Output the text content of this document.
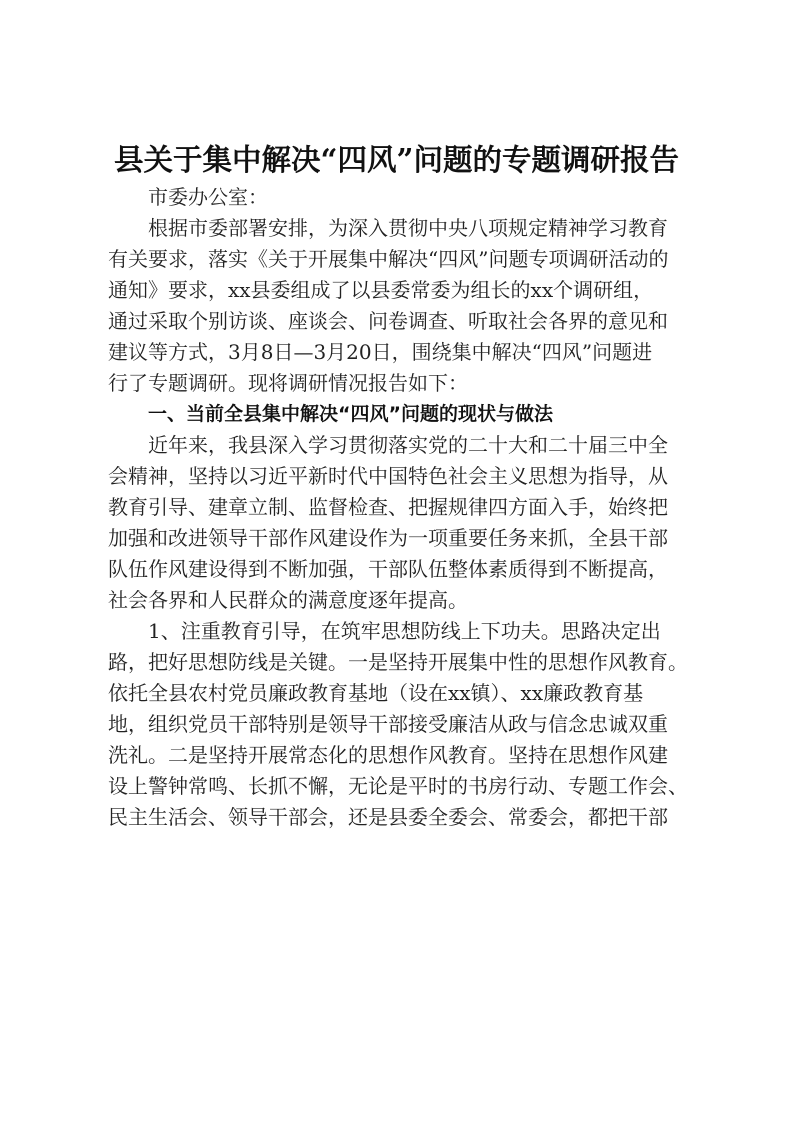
县关于集中解决“四风”问题的专题调研报告

市委办公室：

根据市委部署安排，为深入贯彻中央八项规定精神学习教育
有关要求，落实《关于开展集中解决“四风”问题专项调研活动的
通知》要求，xx县委组成了以县委常委为组长的xx个调研组，
通过采取个别访谈、座谈会、问卷调查、听取社会各界的意见和
建议等方式，3月8日—3月20日，围绕集中解决“四风”问题进
行了专题调研。现将调研情况报告如下：

一、当前全县集中解决“四风”问题的现状与做法

近年来，我县深入学习贯彻落实党的二十大和二十届三中全
会精神，坚持以习近平新时代中国特色社会主义思想为指导，从
教育引导、建章立制、监督检查、把握规律四方面入手，始终把
加强和改进领导干部作风建设作为一项重要任务来抓，全县干部
队伍作风建设得到不断加强，干部队伍整体素质得到不断提高，
社会各界和人民群众的满意度逐年提高。

1、注重教育引导，在筑牢思想防线上下功夫。思路决定出
路，把好思想防线是关键。一是坚持开展集中性的思想作风教育。
依托全县农村党员廉政教育基地（设在xx镇）、xx廉政教育基
地，组织党员干部特别是领导干部接受廉洁从政与信念忠诚双重
洗礼。二是坚持开展常态化的思想作风教育。坚持在思想作风建
设上警钟常鸣、长抓不懈，无论是平时的书房行动、专题工作会、
民主生活会、领导干部会，还是县委全委会、常委会，都把干部
